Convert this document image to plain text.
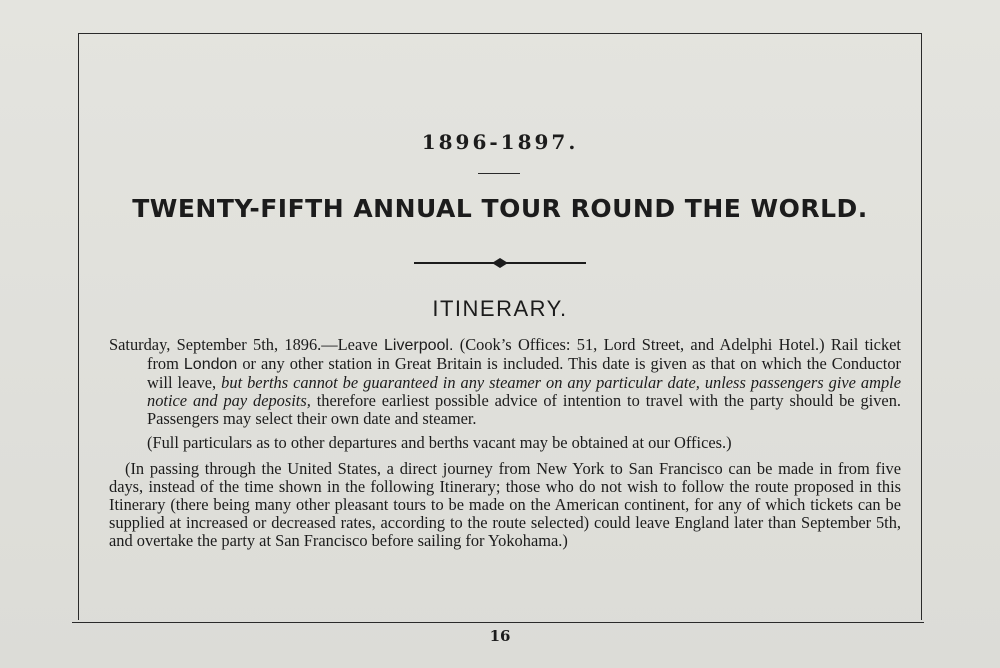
1896-1897.
TWENTY-FIFTH ANNUAL TOUR ROUND THE WORLD.
ITINERARY.

Saturday, September 5th, 1896.—Leave Liverpool. (Cook’s Offices: 51, Lord Street, and Adelphi Hotel.) Rail ticket from London or any other station in Great Britain is included. This date is given as that on which the Conductor will leave, but berths cannot be guaranteed in any steamer on any particular date, unless passengers give ample notice and pay deposits, therefore earliest possible advice of intention to travel with the party should be given. Passengers may select their own date and steamer.

(Full particulars as to other departures and berths vacant may be obtained at our Offices.)

(In passing through the United States, a direct journey from New York to San Francisco can be made in from five days, instead of the time shown in the following Itinerary; those who do not wish to follow the route proposed in this Itinerary (there being many other pleasant tours to be made on the American continent, for any of which tickets can be supplied at increased or decreased rates, according to the route selected) could leave England later than September 5th, and overtake the party at San Francisco before sailing for Yokohama.)

16
